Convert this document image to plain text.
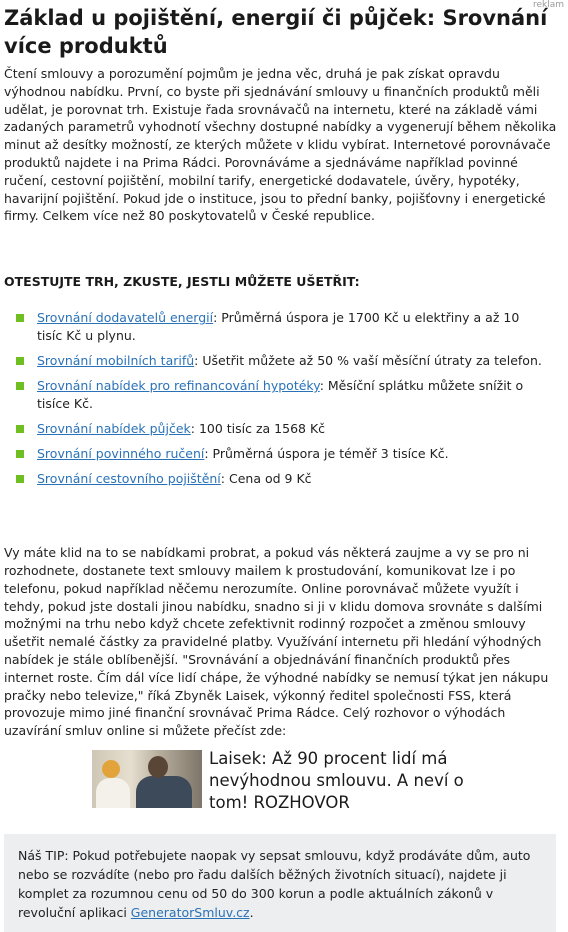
reklam
Základ u pojištění, energií či půjček: Srovnání více produktů

Čtení smlouvy a porozumění pojmům je jedna věc, druhá je pak získat opravdu výhodnou nabídku. První, co byste při sjednávání smlouvy u finančních produktů měli udělat, je porovnat trh. Existuje řada srovnávačů na internetu, které na základě vámi zadaných parametrů vyhodnotí všechny dostupné nabídky a vygenerují během několika minut až desítky možností, ze kterých můžete v klidu vybírat. Internetové porovnávače produktů najdete i na Prima Rádci. Porovnáváme a sjednáváme například povinné ručení, cestovní pojištění, mobilní tarify, energetické dodavatele, úvěry, hypotéky, havarijní pojištění. Pokud jde o instituce, jsou to přední banky, pojišťovny i energetické firmy. Celkem více než 80 poskytovatelů v České republice.

OTESTUJTE TRH, ZKUSTE, JESTLI MŮŽETE UŠETŘIT:

Srovnání dodavatelů energií: Průměrná úspora je 1700 Kč u elektřiny a až 10 tisíc Kč u plynu.
Srovnání mobilních tarifů: Ušetřit můžete až 50 % vaší měsíční útraty za telefon.
Srovnání nabídek pro refinancování hypotéky: Měsíční splátku můžete snížit o tisíce Kč.
Srovnání nabídek půjček: 100 tisíc za 1568 Kč
Srovnání povinného ručení: Průměrná úspora je téměř 3 tisíce Kč.
Srovnání cestovního pojištění: Cena od 9 Kč

Vy máte klid na to se nabídkami probrat, a pokud vás některá zaujme a vy se pro ni rozhodnete, dostanete text smlouvy mailem k prostudování, komunikovat lze i po telefonu, pokud napříkl​ad něčemu nerozumíte. Online porovnávač můžete využít i tehdy, pokud jste dostali jinou nabídku, snadno si ji v klidu domova srovnáte s dalšími možnými na trhu nebo když chcete zefektivnit rodinný rozpočet a změnou smlouvy ušetřit nemalé částky za pravidelné platby. Využívání internetu při hledání výhodných nabídek je stále oblíbenější. "Srovnávání a objednávání finančních produktů přes internet roste. Čím dál více lidí chápe, že výhodné nabídky se nemusí týkat jen nákupu pračky nebo televize," říká Zbyněk Laisek, výkonný ředitel společnosti FSS, která provozuje mimo jiné finanční srovnávač Prima Rádce. Celý rozhovor o výhodách uzavírání smluv online si můžete přečíst zde:

Laisek: Až 90 procent lidí má nevýhodnou smlouvu. A neví o tom! ROZHOVOR

Náš TIP: Pokud potřebujete naopak vy sepsat smlouvu, když prodáváte dům, auto nebo se rozvádíte (nebo pro řadu dalších běžných životních situací), najdete ji komplet za rozumnou cenu od 50 do 300 korun a podle aktuálních zákonů v revoluční aplikaci GeneratorSmluv.cz.
